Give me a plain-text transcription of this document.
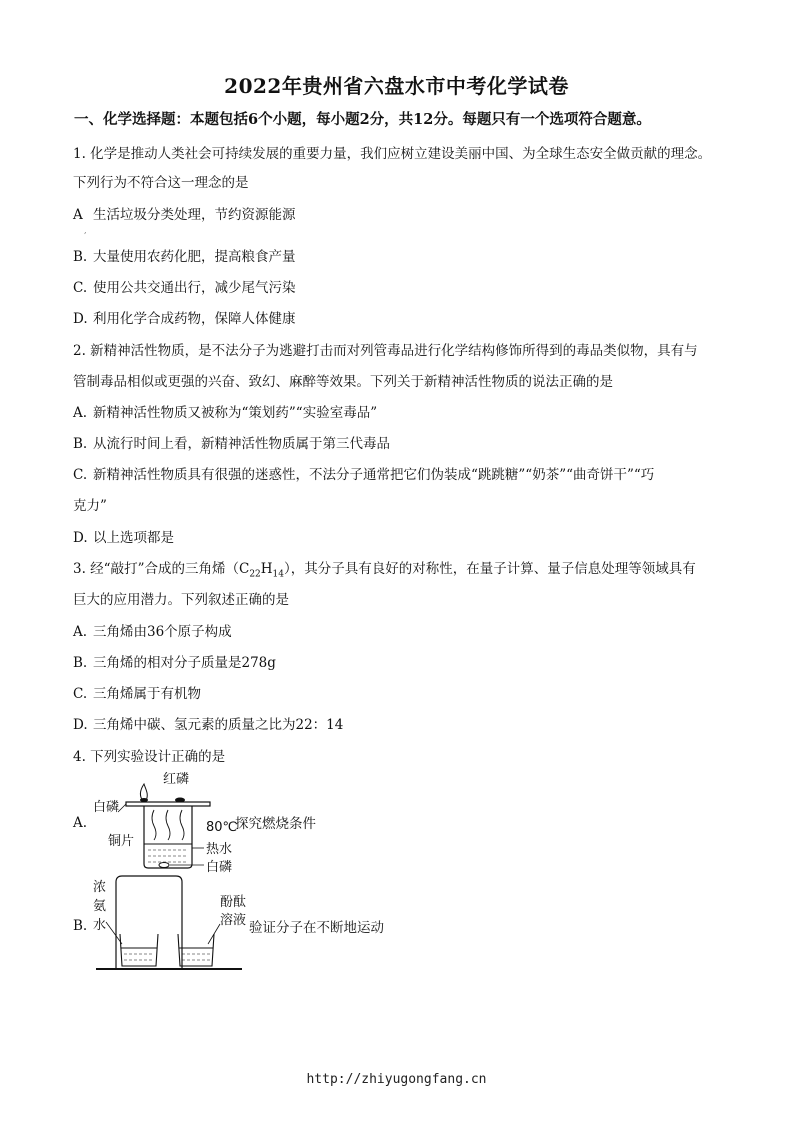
2022年贵州省六盘水市中考化学试卷
一、化学选择题：本题包括6个小题，每小题2分，共12分。每题只有一个选项符合题意。
1. 化学是推动人类社会可持续发展的重要力量，我们应树立建设美丽中国、为全球生态安全做贡献的理念。
下列行为不符合这一理念的是
A 生活垃圾分类处理，节约资源能源
,
B. 大量使用农药化肥，提高粮食产量
C. 使用公共交通出行，减少尾气污染
D. 利用化学合成药物，保障人体健康
2. 新精神活性物质，是不法分子为逃避打击而对列管毒品进行化学结构修饰所得到的毒品类似物，具有与
管制毒品相似或更强的兴奋、致幻、麻醉等效果。下列关于新精神活性物质的说法正确的是
A. 新精神活性物质又被称为“策划药”“实验室毒品”
B. 从流行时间上看，新精神活性物质属于第三代毒品
C. 新精神活性物质具有很强的迷惑性，不法分子通常把它们伪装成“跳跳糖”“奶茶”“曲奇饼干”“巧
克力”
D. 以上选项都是
3. 经“敲打”合成的三角烯$(C_{22}H_{14})$，其分子具有良好的对称性，在量子计算、量子信息处理等领域具有
巨大的应用潜力。下列叙述正确的是
A. 三角烯由36个原子构成
B. 三角烯的相对分子质量是278g
C. 三角烯属于有机物
D. 三角烯中碳、氢元素的质量之比为22：14
4. 下列实验设计正确的是
A.
红磷
白磷
铜片
80℃
热水
白磷
探究燃烧条件
B.
浓
氨
水
酚酞
溶液 验证分子在不断地运动
http://zhiyugongfang.cn
